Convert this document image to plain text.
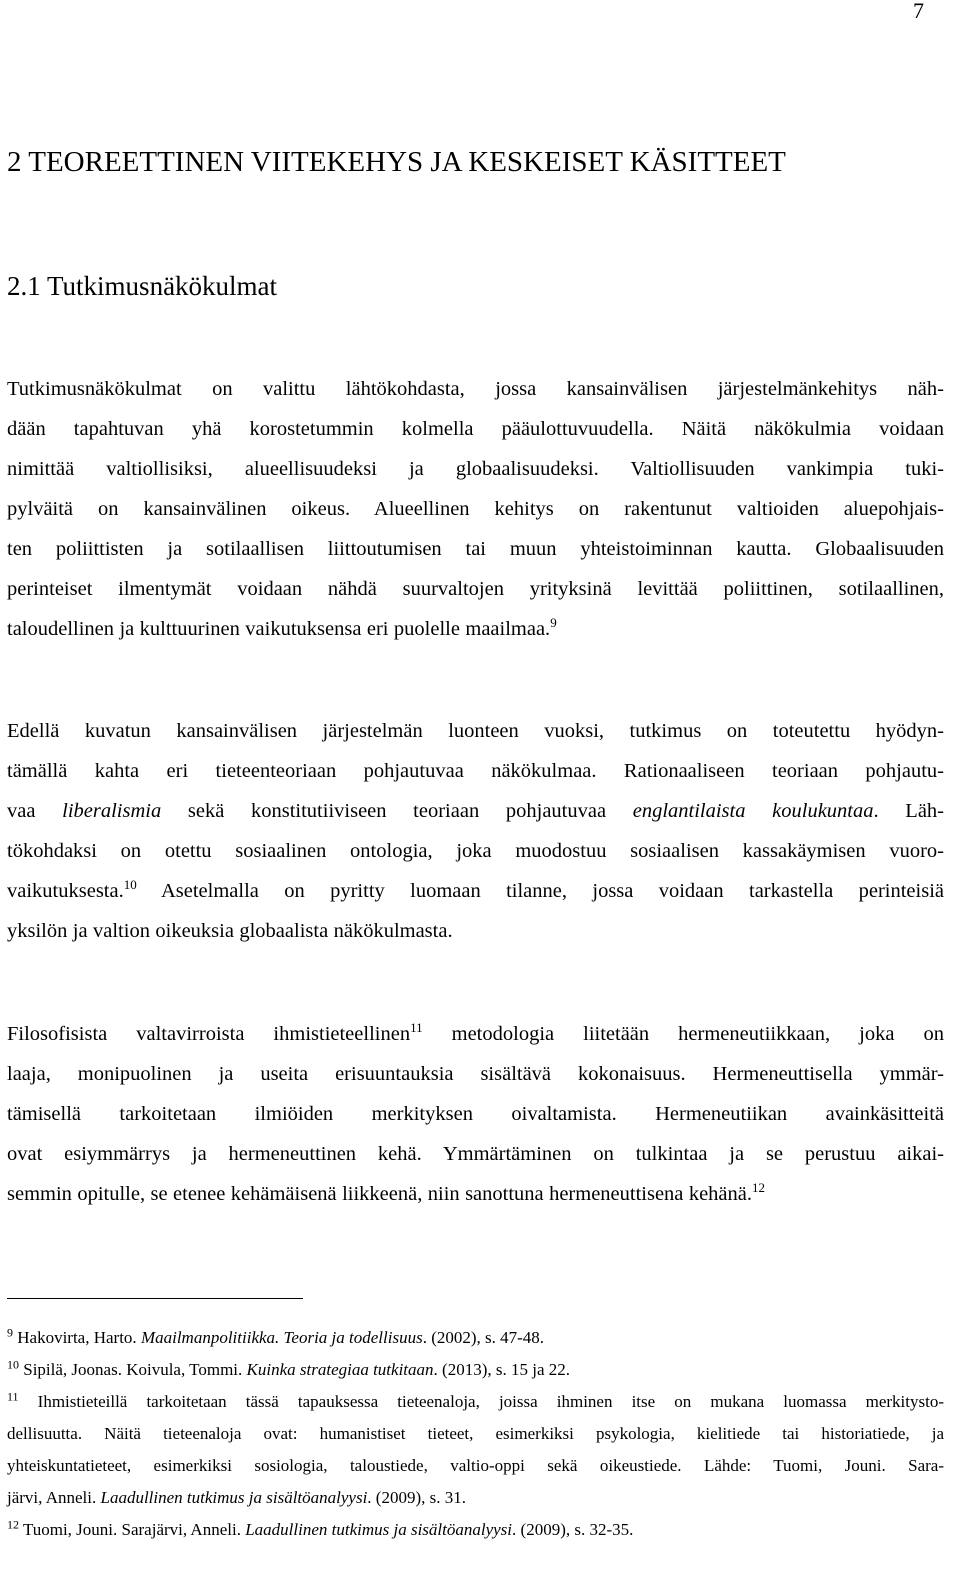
7
2 TEOREETTINEN VIITEKEHYS JA KESKEISET KÄSITTEET
2.1 Tutkimusnäkökulmat
Tutkimusnäkökulmat on valittu lähtökohdasta, jossa kansainvälisen järjestelmänkehitys näh-
dään tapahtuvan yhä korostetummin kolmella pääulottuvuudella. Näitä näkökulmia voidaan
nimittää valtiollisiksi, alueellisuudeksi ja globaalisuudeksi. Valtiollisuuden vankimpia tuki-
pylväitä on kansainvälinen oikeus. Alueellinen kehitys on rakentunut valtioiden aluepohjais-
ten poliittisten ja sotilaallisen liittoutumisen tai muun yhteistoiminnan kautta. Globaalisuuden
perinteiset ilmentymät voidaan nähdä suurvaltojen yrityksinä levittää poliittinen, sotilaallinen,
taloudellinen ja kulttuurinen vaikutuksensa eri puolelle maailmaa.$^9$
Edellä kuvatun kansainvälisen järjestelmän luonteen vuoksi, tutkimus on toteutettu hyödyn-
tämällä kahta eri tieteenteoriaan pohjautuvaa näkökulmaa. Rationaaliseen teoriaan pohjautu-
vaa liberalismia sekä konstitutiiviseen teoriaan pohjautuvaa englantilaista koulukuntaa. Läh-
tökohdaksi on otettu sosiaalinen ontologia, joka muodostuu sosiaalisen kassakäymisen vuoro-
vaikutuksesta.$^{10}$ Asetelmalla on pyritty luomaan tilanne, jossa voidaan tarkastella perinteisiä
yksilön ja valtion oikeuksia globaalista näkökulmasta.
Filosofisista valtavirroista ihmistieteellinen$^{11}$ metodologia liitetään hermeneutiikkaan, joka on
laaja, monipuolinen ja useita erisuuntauksia sisältävä kokonaisuus. Hermeneuttisella ymmär-
tämisellä tarkoitetaan ilmiöiden merkityksen oivaltamista. Hermeneutiikan avainkäsitteitä
ovat esiymmärrys ja hermeneuttinen kehä. Ymmärtäminen on tulkintaa ja se perustuu aikai-
semmin opitulle, se etenee kehämäisenä liikkeenä, niin sanottuna hermeneuttisena kehänä.$^{12}$
$^9$ Hakovirta, Harto. Maailmanpolitiikka. Teoria ja todellisuus. (2002), s. 47-48.
$^{10}$ Sipilä, Joonas. Koivula, Tommi. Kuinka strategiaa tutkitaan. (2013), s. 15 ja 22.
$^{11}$ Ihmistieteillä tarkoitetaan tässä tapauksessa tieteenaloja, joissa ihminen itse on mukana luomassa merkitysto-
dellisuutta. Näitä tieteenaloja ovat: humanistiset tieteet, esimerkiksi psykologia, kielitiede tai historiatiede, ja
yhteiskuntatieteet, esimerkiksi sosiologia, taloustiede, valtio-oppi sekä oikeustiede. Lähde: Tuomi, Jouni. Sara-
järvi, Anneli. Laadullinen tutkimus ja sisältöanalyysi. (2009), s. 31.
$^{12}$ Tuomi, Jouni. Sarajärvi, Anneli. Laadullinen tutkimus ja sisältöanalyysi. (2009), s. 32-35.
